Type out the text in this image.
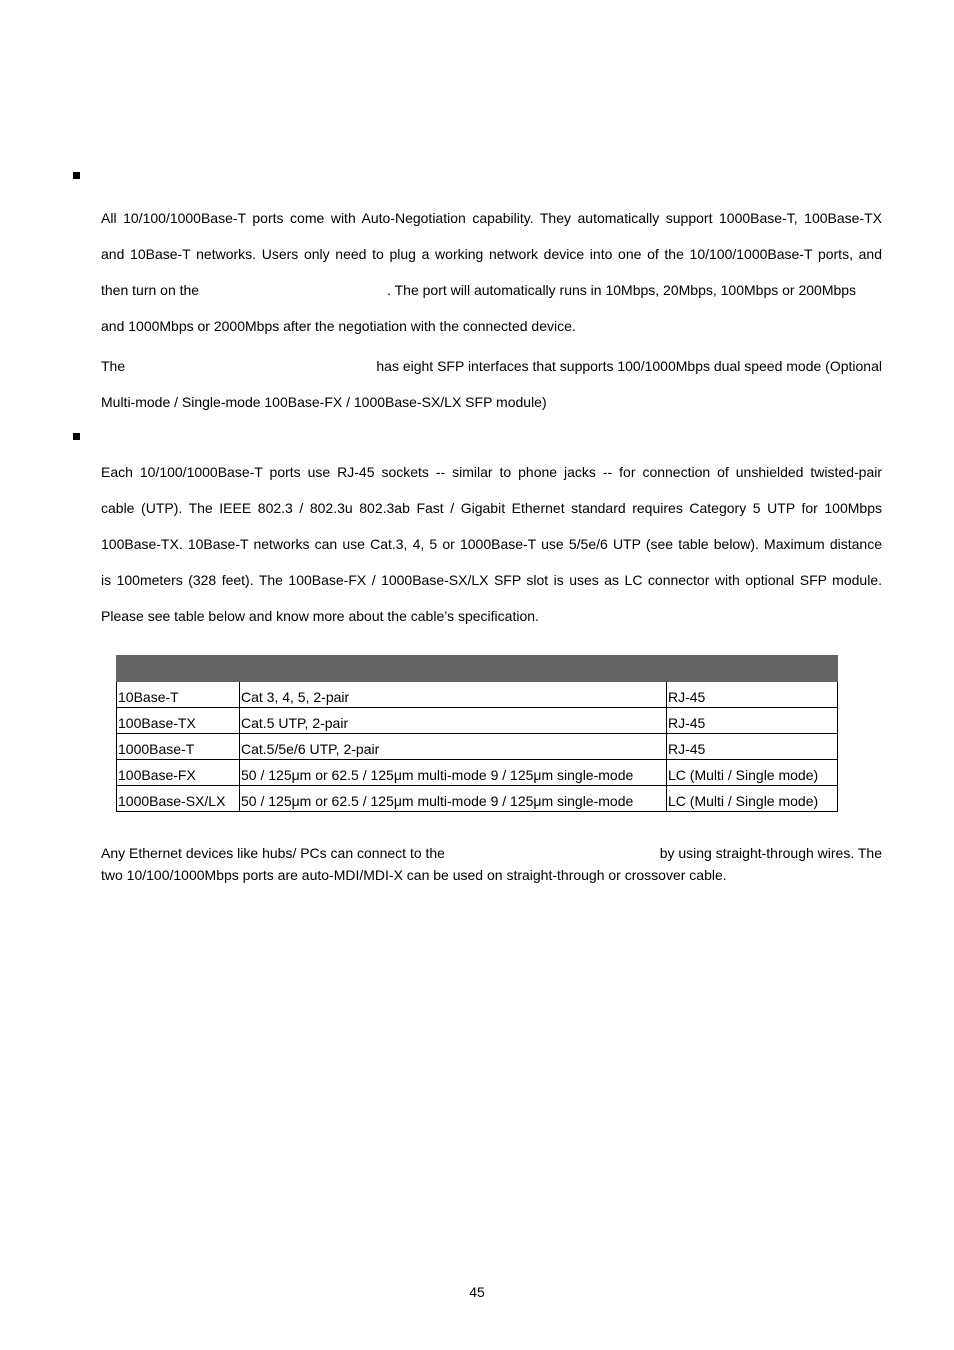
All 10/100/1000Base-T ports come with Auto-Negotiation capability. They automatically support 1000Base-T, 100Base-TX
and 10Base-T networks. Users only need to plug a working network device into one of the 10/100/1000Base-T ports, and
then turn on the	. The port will automatically runs in 10Mbps, 20Mbps, 100Mbps or 200Mbps
and 1000Mbps or 2000Mbps after the negotiation with the connected device.
The	has eight SFP interfaces that supports 100/1000Mbps dual speed mode (Optional
Multi-mode / Single-mode 100Base-FX / 1000Base-SX/LX SFP module)
Each 10/100/1000Base-T ports use RJ-45 sockets -- similar to phone jacks -- for connection of unshielded twisted-pair
cable (UTP). The IEEE 802.3 / 802.3u 802.3ab Fast / Gigabit Ethernet standard requires Category 5 UTP for 100Mbps
100Base-TX. 10Base-T networks can use Cat.3, 4, 5 or 1000Base-T use 5/5e/6 UTP (see table below). Maximum distance
is 100meters (328 feet). The 100Base-FX / 1000Base-SX/LX SFP slot is uses as LC connector with optional SFP module.
Please see table below and know more about the cable’s specification.

10Base-T	Cat 3, 4, 5, 2-pair	RJ-45

100Base-TX	Cat.5 UTP, 2-pair	RJ-45

1000Base-T	Cat.5/5e/6 UTP, 2-pair	RJ-45

100Base-FX	50 / 125μm or 62.5 / 125μm multi-mode 9 / 125μm single-mode	LC (Multi / Single mode)

1000Base-SX/LX	50 / 125μm or 62.5 / 125μm multi-mode 9 / 125μm single-mode	LC (Multi / Single mode)
Any Ethernet devices like hubs/ PCs can connect to the	by using straight-through wires. The
two 10/100/1000Mbps ports are auto-MDI/MDI-X can be used on straight-through or crossover cable.
45
